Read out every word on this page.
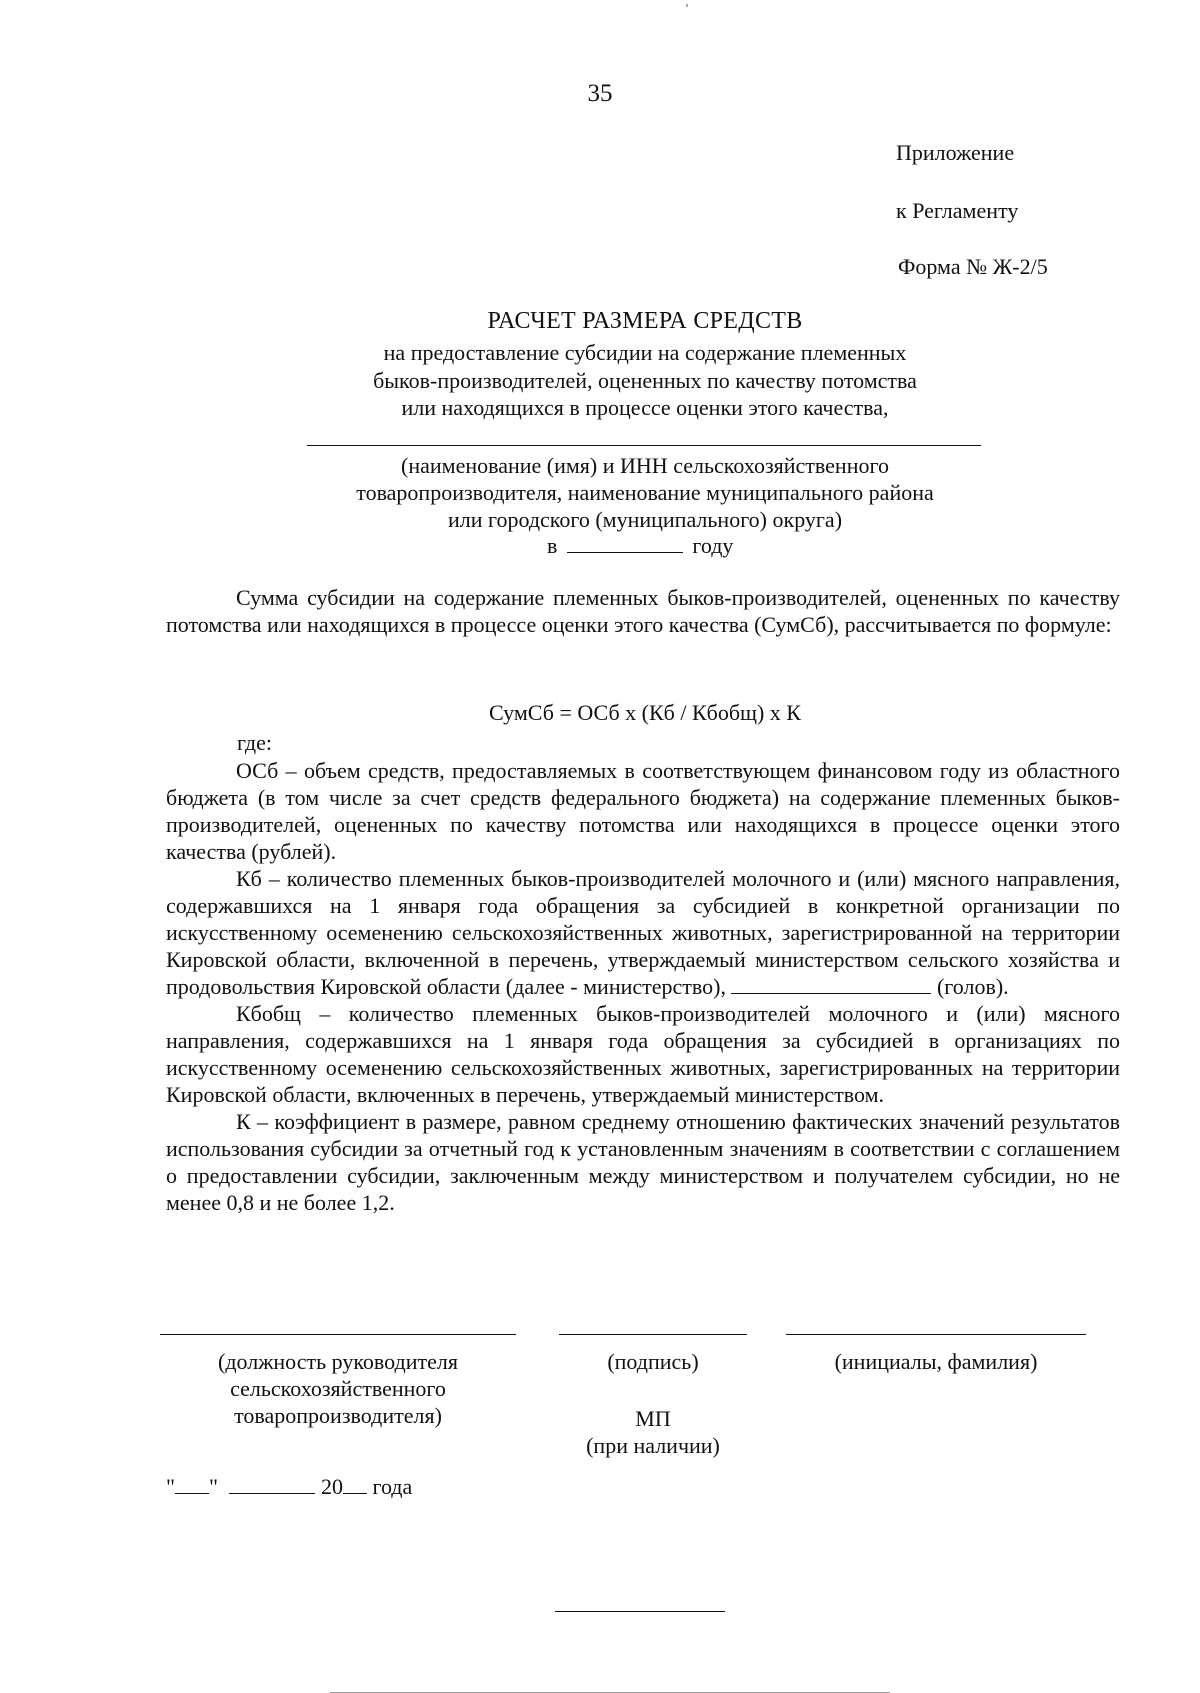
35
Приложение
к Регламенту
Форма № Ж-2/5
РАСЧЕТ РАЗМЕРА СРЕДСТВ
на предоставление субсидии на содержание племенных
быков-производителей, оцененных по качеству потомства
или находящихся в процессе оценки этого качества,
(наименование (имя) и ИНН сельскохозяйственного
товаропроизводителя, наименование муниципального района
или городского (муниципального) округа)
в	году

Сумма субсидии на содержание племенных быков-производителей, оцененных по качеству потомства или находящихся в процессе оценки этого качества (СумСб), рассчитывается по формуле:

СумСб = ОСб х (Кб / Кбобщ) х К
где:

ОСб – объем средств, предоставляемых в соответствующем финансовом году из областного бюджета (в том числе за счет средств федерального бюджета) на содержание племенных быков-производителей, оцененных по качеству потомства или находящихся в процессе оценки этого качества (рублей).

Кб – количество племенных быков-производителей молочного и (или) мясного направления, содержавшихся на 1 января года обращения за субсидией в конкретной организации по искусственному осеменению сельскохозяйственных животных, зарегистрированной на территории Кировской области, включенной в перечень, утверждаемый министерством сельского хозяйства и продовольствия Кировской области (далее - министерство),	(голов).

Кбобщ – количество племенных быков-производителей молочного и (или) мясного направления, содержавшихся на 1 января года обращения за субсидией в организациях по искусственному осеменению сельскохозяйственных животных, зарегистрированных на территории Кировской области, включенных в перечень, утверждаемый министерством.

К – коэффициент в размере, равном среднему отношению фактических значений результатов использования субсидии за отчетный год к установленным значениям в соответствии с соглашением о предоставлении субсидии, заключенным между министерством и получателем субсидии, но не менее 0,8 и не более 1,2.

(должность руководителя
сельскохозяйственного
товаропроизводителя)
(подпись)
МП
(при наличии)
(инициалы, фамилия)
" "	20 года
